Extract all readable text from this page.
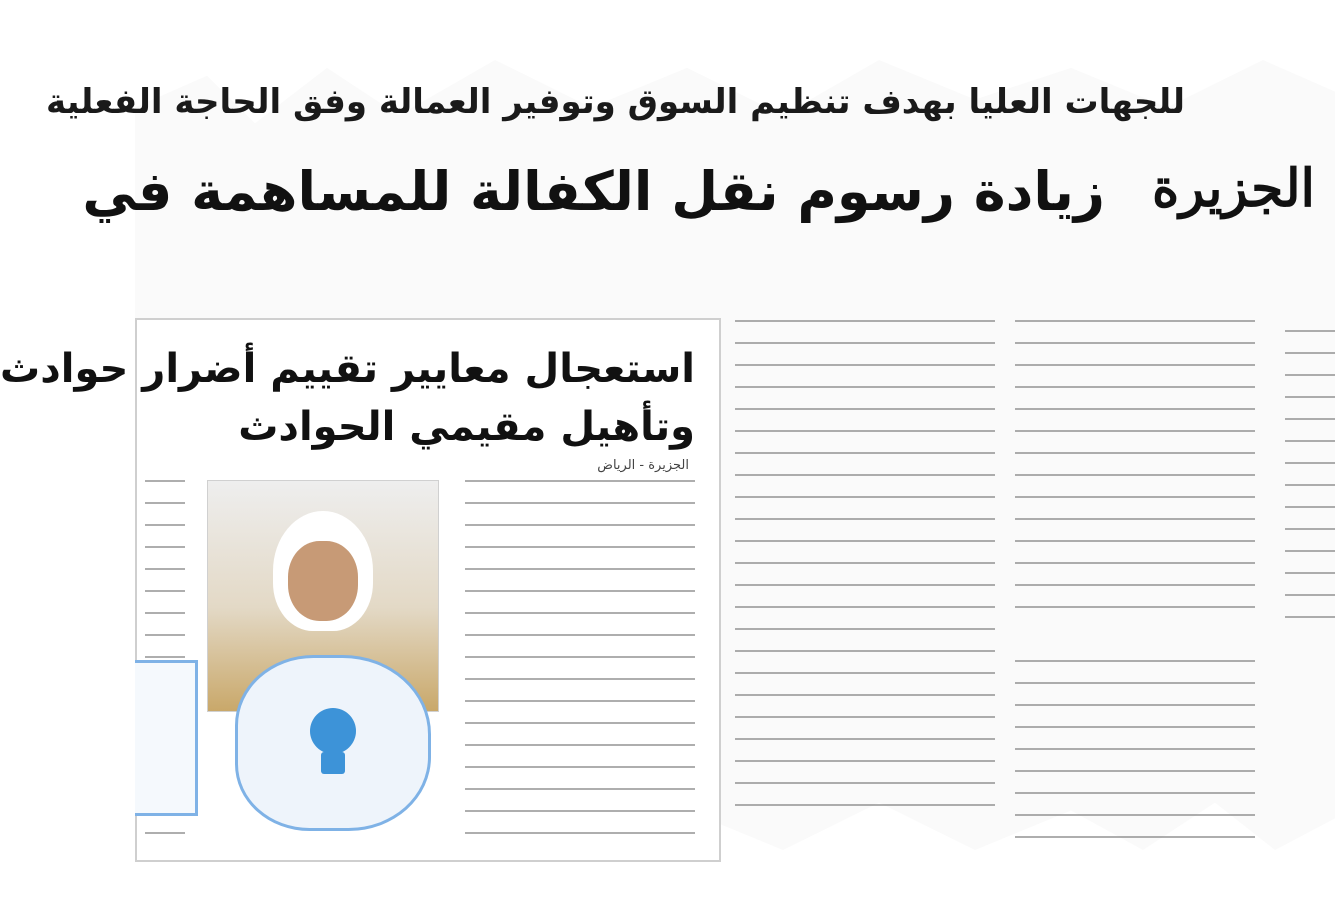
للجهات العليا بهدف تنظيم السوق وتوفير العمالة وفق الحاجة الفعلية
زيادة رسوم نقل الكفالة للمساهمة في الجزيرة
استعجال معايير تقييم أضرار حوادث
وتأهيل مقيمي الحوادث
الجزيرة - الرياض
